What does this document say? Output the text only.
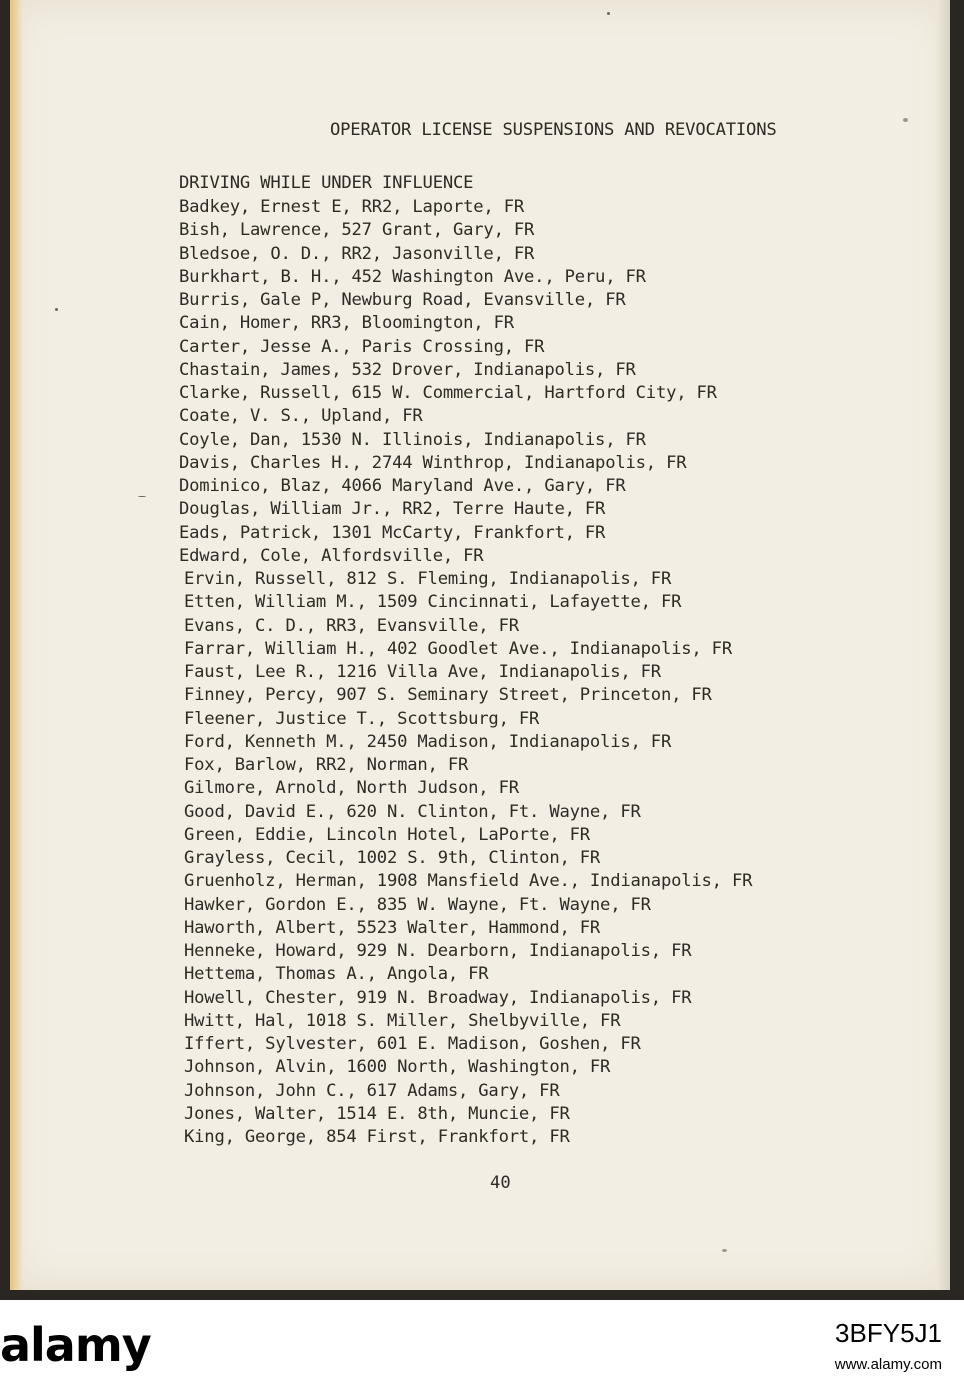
OPERATOR LICENSE SUSPENSIONS AND REVOCATIONS
DRIVING WHILE UNDER INFLUENCE
Badkey, Ernest E, RR2, Laporte, FR
Bish, Lawrence, 527 Grant, Gary, FR
Bledsoe, O. D., RR2, Jasonville, FR
Burkhart, B. H., 452 Washington Ave., Peru, FR
Burris, Gale P, Newburg Road, Evansville, FR
Cain, Homer, RR3, Bloomington, FR
Carter, Jesse A., Paris Crossing, FR
Chastain, James, 532 Drover, Indianapolis, FR
Clarke, Russell, 615 W. Commercial, Hartford City, FR
Coate, V. S., Upland, FR
Coyle, Dan, 1530 N. Illinois, Indianapolis, FR
Davis, Charles H., 2744 Winthrop, Indianapolis, FR
Dominico, Blaz, 4066 Maryland Ave., Gary, FR
Douglas, William Jr., RR2, Terre Haute, FR
Eads, Patrick, 1301 McCarty, Frankfort, FR
Edward, Cole, Alfordsville, FR
Ervin, Russell, 812 S. Fleming, Indianapolis, FR
Etten, William M., 1509 Cincinnati, Lafayette, FR
Evans, C. D., RR3, Evansville, FR
Farrar, William H., 402 Goodlet Ave., Indianapolis, FR
Faust, Lee R., 1216 Villa Ave, Indianapolis, FR
Finney, Percy, 907 S. Seminary Street, Princeton, FR
Fleener, Justice T., Scottsburg, FR
Ford, Kenneth M., 2450 Madison, Indianapolis, FR
Fox, Barlow, RR2, Norman, FR
Gilmore, Arnold, North Judson, FR
Good, David E., 620 N. Clinton, Ft. Wayne, FR
Green, Eddie, Lincoln Hotel, LaPorte, FR
Grayless, Cecil, 1002 S. 9th, Clinton, FR
Gruenholz, Herman, 1908 Mansfield Ave., Indianapolis, FR
Hawker, Gordon E., 835 W. Wayne, Ft. Wayne, FR
Haworth, Albert, 5523 Walter, Hammond, FR
Henneke, Howard, 929 N. Dearborn, Indianapolis, FR
Hettema, Thomas A., Angola, FR
Howell, Chester, 919 N. Broadway, Indianapolis, FR
Hwitt, Hal, 1018 S. Miller, Shelbyville, FR
Iffert, Sylvester, 601 E. Madison, Goshen, FR
Johnson, Alvin, 1600 North, Washington, FR
Johnson, John C., 617 Adams, Gary, FR
Jones, Walter, 1514 E. 8th, Muncie, FR
King, George, 854 First, Frankfort, FR
40
alamy	3BFY5J1
www.alamy.com
